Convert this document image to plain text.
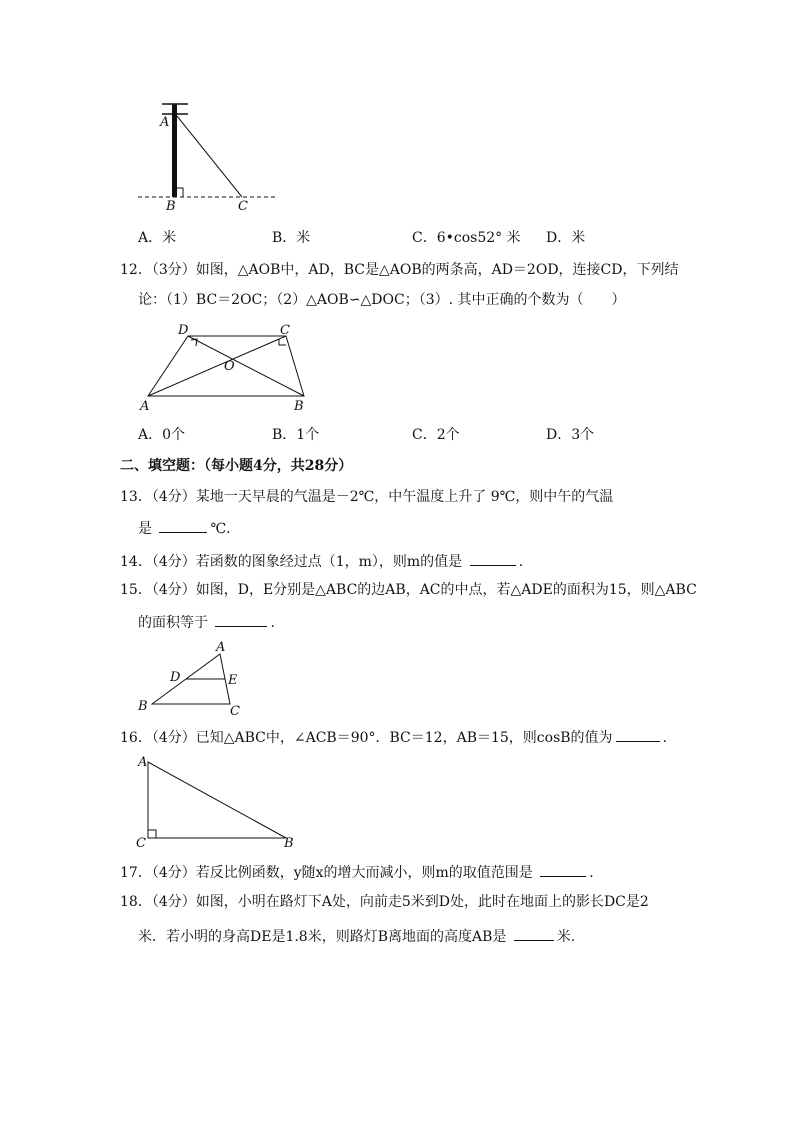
A
B	C
A．米	B．米	C．6•cos52° 米 D．米
12．（3分）如图，△AOB中，AD，BC是△AOB的两条高，AD＝2OD，连接CD，下列结
论：（1）BC＝2OC；（2）△AOB∽△DOC；（3）. 其中正确的个数为（　　）
D	C
O
A	B
A．0个	B．1个	C．2个	D．3个
二、填空题：（每小题4分，共28分）
13．（4分）某地一天早晨的气温是－2℃，中午温度上升了 9℃，则中午的气温
是	℃.
14．（4分）若函数的图象经过点（1，m），则m的值是	.
15．（4分）如图，D，E分别是△ABC的边AB，AC的中点，若△ADE的面积为15，则△ABC
的面积等于	.
A
D	E
B	C
16．（4分）已知△ABC中，∠ACB＝90°．BC＝12，AB＝15，则cosB的值为	.
A
C	B
17．（4分）若反比例函数，y随x的增大而减小，则m的取值范围是	.
18．（4分）如图，小明在路灯下A处，向前走5米到D处，此时在地面上的影长DC是2
米．若小明的身高DE是1.8米，则路灯B离地面的高度AB是	米.
